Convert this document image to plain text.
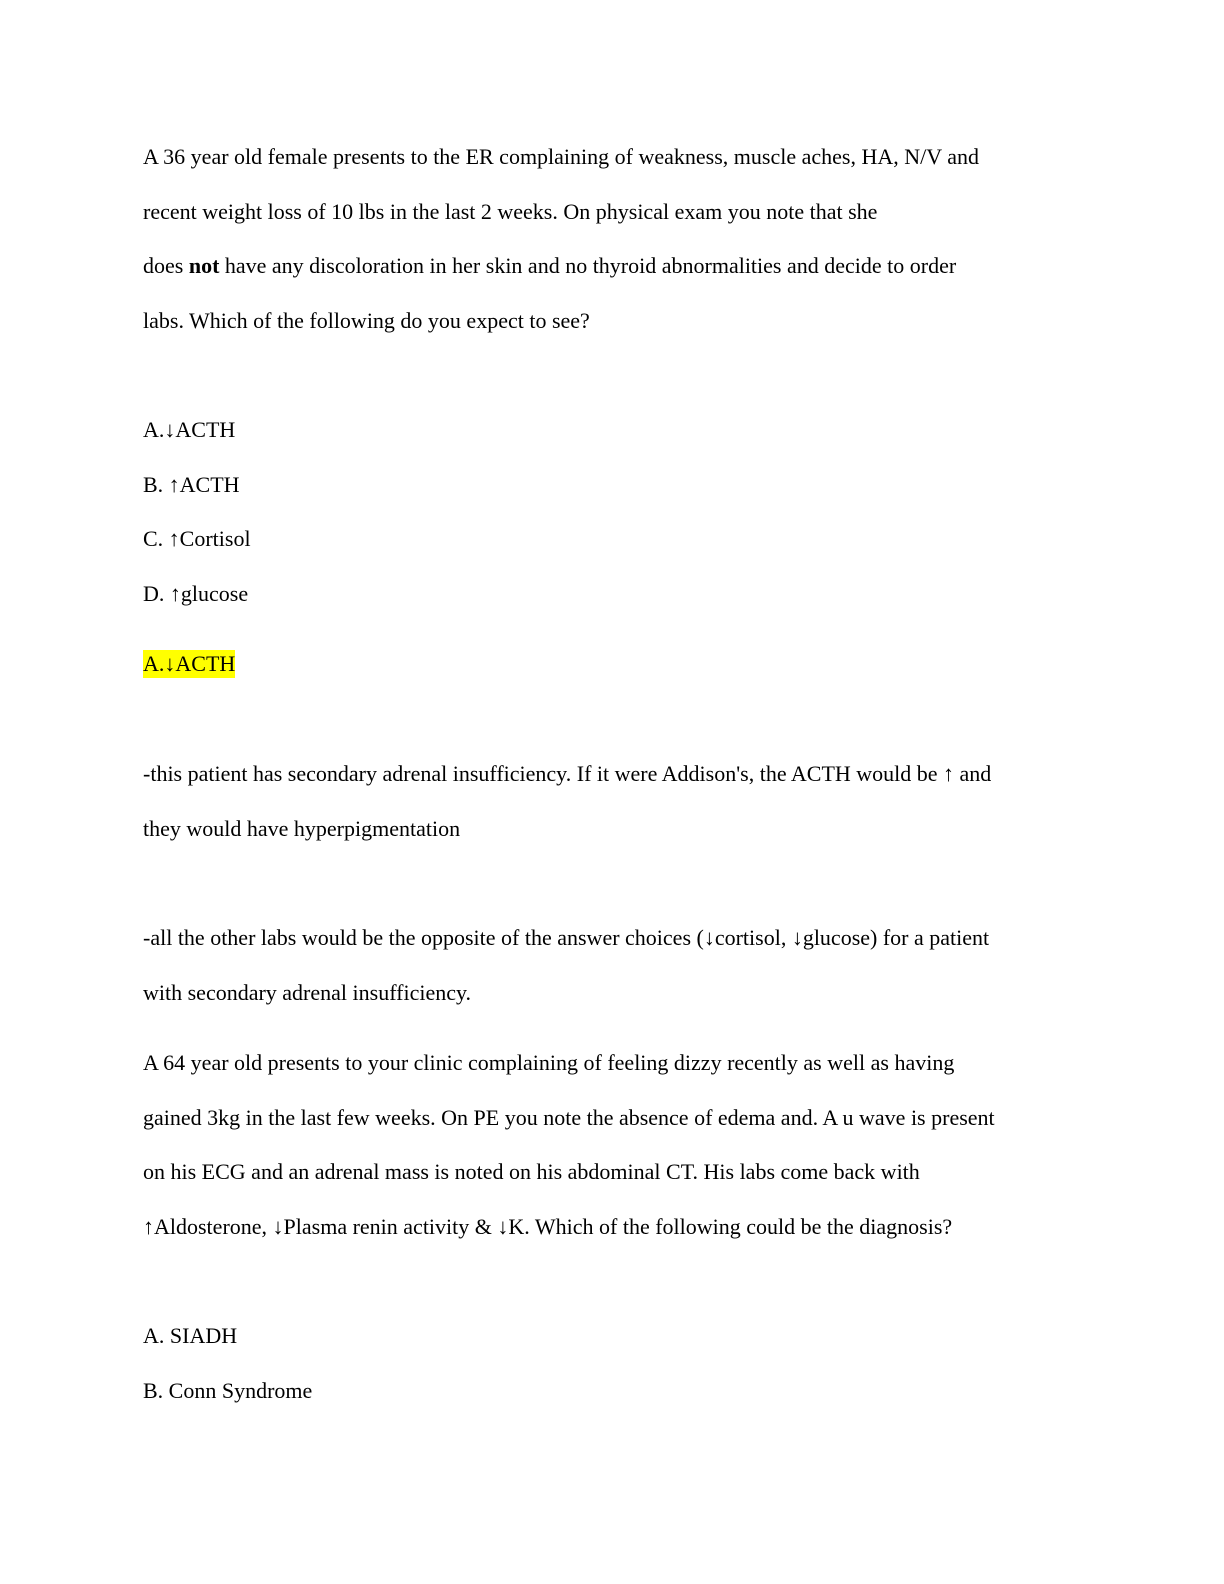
A 36 year old female presents to the ER complaining of weakness, muscle aches, HA, N/V and
recent weight loss of 10 lbs in the last 2 weeks. On physical exam you note that she
does not have any discoloration in her skin and no thyroid abnormalities and decide to order
labs. Which of the following do you expect to see?
A.↓ACTH
B. ↑ACTH
C. ↑Cortisol
D. ↑glucose
A.↓ACTH
-this patient has secondary adrenal insufficiency. If it were Addison's, the ACTH would be ↑ and
they would have hyperpigmentation
-all the other labs would be the opposite of the answer choices (↓cortisol, ↓glucose) for a patient
with secondary adrenal insufficiency.
A 64 year old presents to your clinic complaining of feeling dizzy recently as well as having
gained 3kg in the last few weeks. On PE you note the absence of edema and. A u wave is present
on his ECG and an adrenal mass is noted on his abdominal CT. His labs come back with
↑Aldosterone, ↓Plasma renin activity & ↓K. Which of the following could be the diagnosis?
A. SIADH
B. Conn Syndrome
